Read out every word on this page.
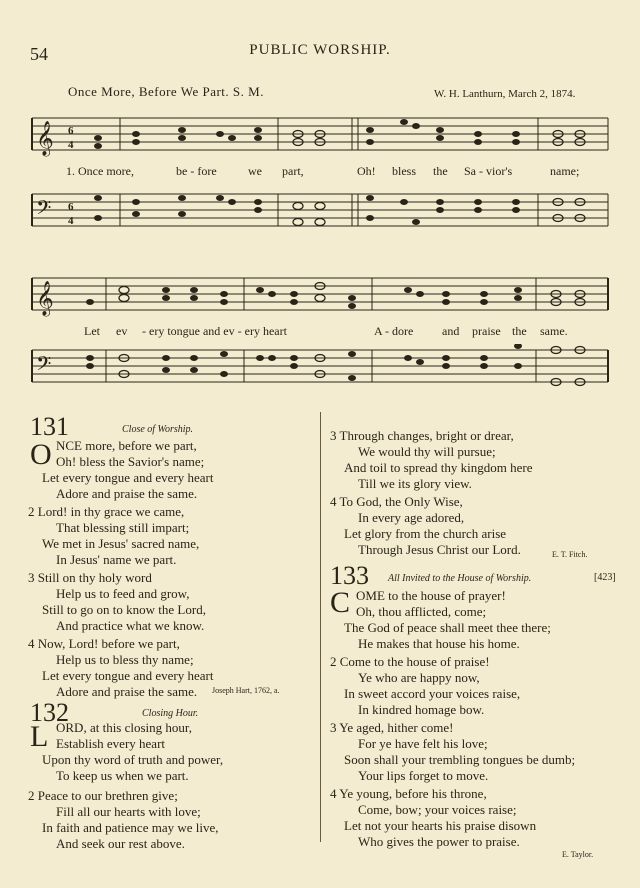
54	PUBLIC WORSHIP.
Once More, Before We Part. S. M.	W. H. Lanthurn, March 2, 1874.
𝄞 6
4
1. Once more,	be - fore	we part,	Oh! bless the Sa - vior's	name;
𝄢 6
4
𝄞
Let ev - ery tongue and ev - ery heart	A - dore and praise the same.
𝄢
131	Close of Worship.
O NCE more, before we part,
Oh! bless the Savior's name;
Let every tongue and every heart
Adore and praise the same.
2 Lord! in thy grace we came,
That blessing still impart;
We met in Jesus' sacred name,
In Jesus' name we part.
3 Still on thy holy word
Help us to feed and grow,
Still to go on to know the Lord,
And practice what we know.
4 Now, Lord! before we part,
Help us to bless thy name;
Let every tongue and every heart
Adore and praise the same. Joseph Hart, 1762, a.
132	Closing Hour.
L ORD, at this closing hour,
Establish every heart
Upon thy word of truth and power,
To keep us when we part.
2 Peace to our brethren give;
Fill all our hearts with love;
In faith and patience may we live,
And seek our rest above.
3 Through changes, bright or drear,
We would thy will pursue;
And toil to spread thy kingdom here
Till we its glory view.
4 To God, the Only Wise,
In every age adored,
Let glory from the church arise
Through Jesus Christ our Lord.	E. T. Fitch.
133 All Invited to the House of Worship.	[423]
C OME to the house of prayer!
Oh, thou afflicted, come;
The God of peace shall meet thee there;
He makes that house his home.
2 Come to the house of praise!
Ye who are happy now,
In sweet accord your voices raise,
In kindred homage bow.
3 Ye aged, hither come!
For ye have felt his love;
Soon shall your trembling tongues be dumb;
Your lips forget to move.
4 Ye young, before his throne,
Come, bow; your voices raise;
Let not your hearts his praise disown
Who gives the power to praise.
E. Taylor.
